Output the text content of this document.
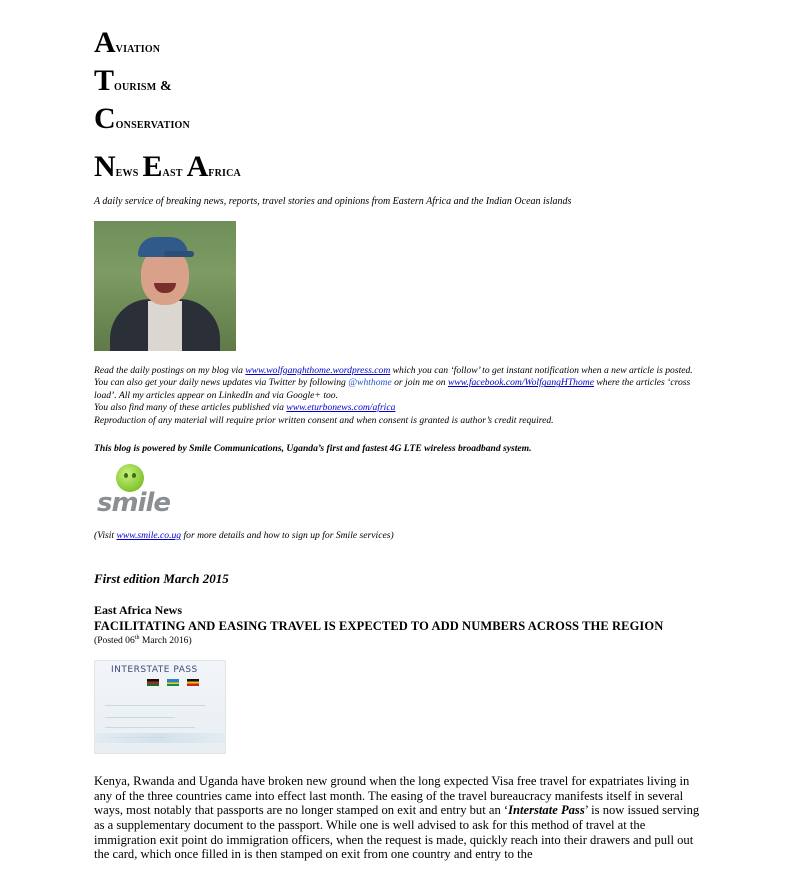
Aviation
Tourism &
Conservation
News East Africa
A daily service of breaking news, reports, travel stories and opinions from Eastern Africa and the Indian Ocean islands

Read the daily postings on my blog via www.wolfganghthome.wordpress.com which you can ‘follow’ to get instant notification when a new article is posted.

You can also get your daily news updates via Twitter by following @whthome or join me on www.facebook.com/WolfgangHThome where the articles ‘cross load’. All my articles appear on LinkedIn and via Google+ too.

You also find many of these articles published via www.eturbonews.com/africa

Reproduction of any material will require prior written consent and when consent is granted is author’s credit required.

This blog is powered by Smile Communications, Uganda’s first and fastest 4G LTE wireless broadband system.
smile
(Visit www.smile.co.ug for more details and how to sign up for Smile services)
First edition March 2015
East Africa News
FACILITATING AND EASING TRAVEL IS EXPECTED TO ADD NUMBERS ACROSS THE REGION
(Posted 06th March 2016)
INTERSTATE PASS
Kenya, Rwanda and Uganda have broken new ground when the long expected Visa free travel for expatriates living in any of the three countries came into effect last month. The easing of the travel bureaucracy manifests itself in several ways, most notably that passports are no longer stamped on exit and entry but an ‘Interstate Pass’ is now issued serving as a supplementary document to the passport. While one is well advised to ask for this method of travel at the immigration exit point do immigration officers, when the request is made, quickly reach into their drawers and pull out the card, which once filled in is then stamped on exit from one country and entry to the
